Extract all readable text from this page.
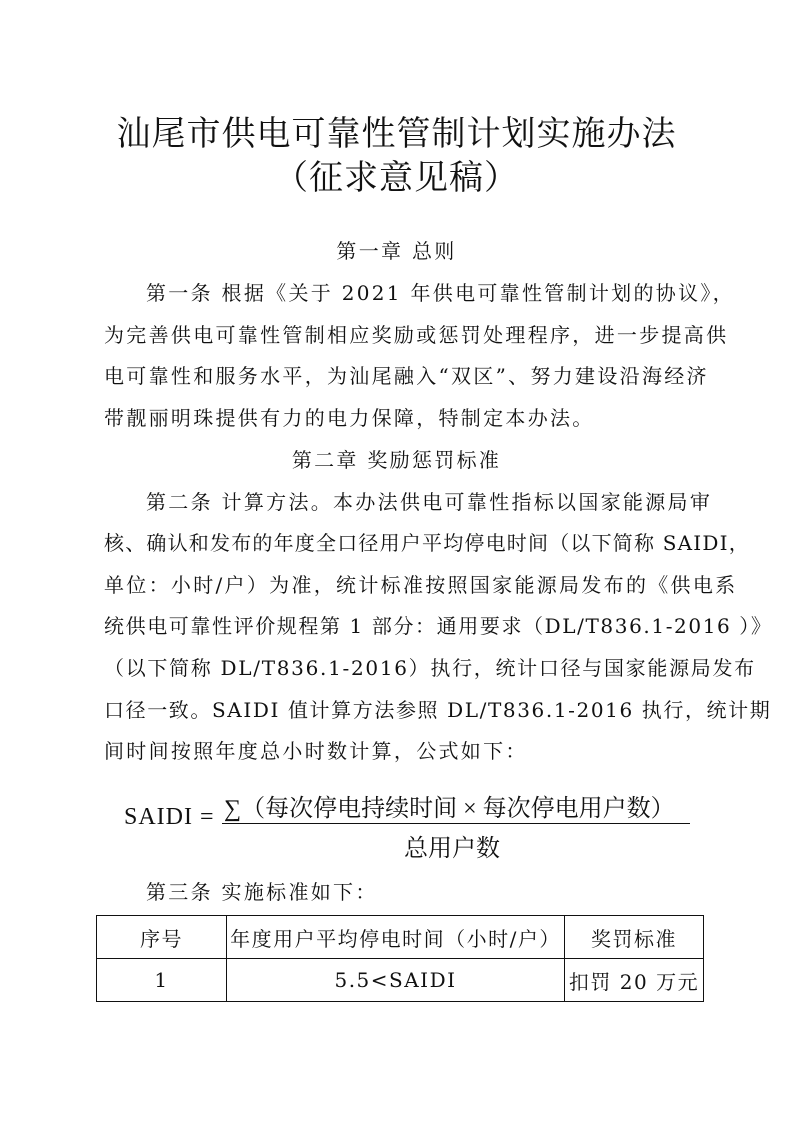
汕尾市供电可靠性管制计划实施办法
（征求意见稿）
第一章 总则
第一条 根据《关于 2021 年供电可靠性管制计划的协议》，
为完善供电可靠性管制相应奖励或惩罚处理程序，进一步提高供
电可靠性和服务水平，为汕尾融入“双区”、努力建设沿海经济
带靓丽明珠提供有力的电力保障，特制定本办法。
第二章 奖励惩罚标准
第二条 计算方法。本办法供电可靠性指标以国家能源局审
核、确认和发布的年度全口径用户平均停电时间（以下简称 SAIDI，
单位：小时/户）为准，统计标准按照国家能源局发布的《供电系
统供电可靠性评价规程第 1 部分：通用要求（DL/T836.1-2016 ）》
（以下简称 DL/T836.1-2016）执行，统计口径与国家能源局发布
口径一致。SAIDI 值计算方法参照 DL/T836.1-2016 执行，统计期
间时间按照年度总小时数计算，公式如下：
SAIDI = ∑（每次停电持续时间 × 每次停电用户数）
总用户数
第三条 实施标准如下：
序号	年度用户平均停电时间（小时/户）	奖罚标准
1	5.5<SAIDI	扣罚 20 万元
